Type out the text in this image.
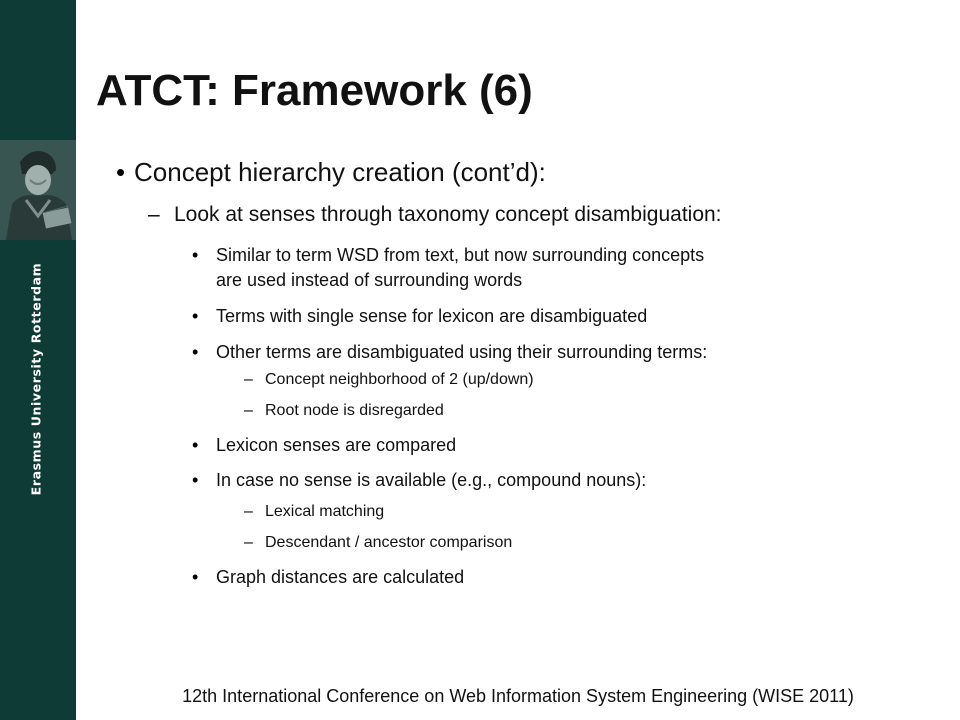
Erasmus University Rotterdam
ATCT: Framework (6)
• Concept hierarchy creation (cont’d):
– Look at senses through taxonomy concept disambiguation:
• Similar to term WSD from text, but now surrounding concepts
are used instead of surrounding words
• Terms with single sense for lexicon are disambiguated
• Other terms are disambiguated using their surrounding terms:
– Concept neighborhood of 2 (up/down)
– Root node is disregarded
• Lexicon senses are compared
• In case no sense is available (e.g., compound nouns):
– Lexical matching
– Descendant / ancestor comparison
• Graph distances are calculated
12th International Conference on Web Information System Engineering (WISE 2011)
